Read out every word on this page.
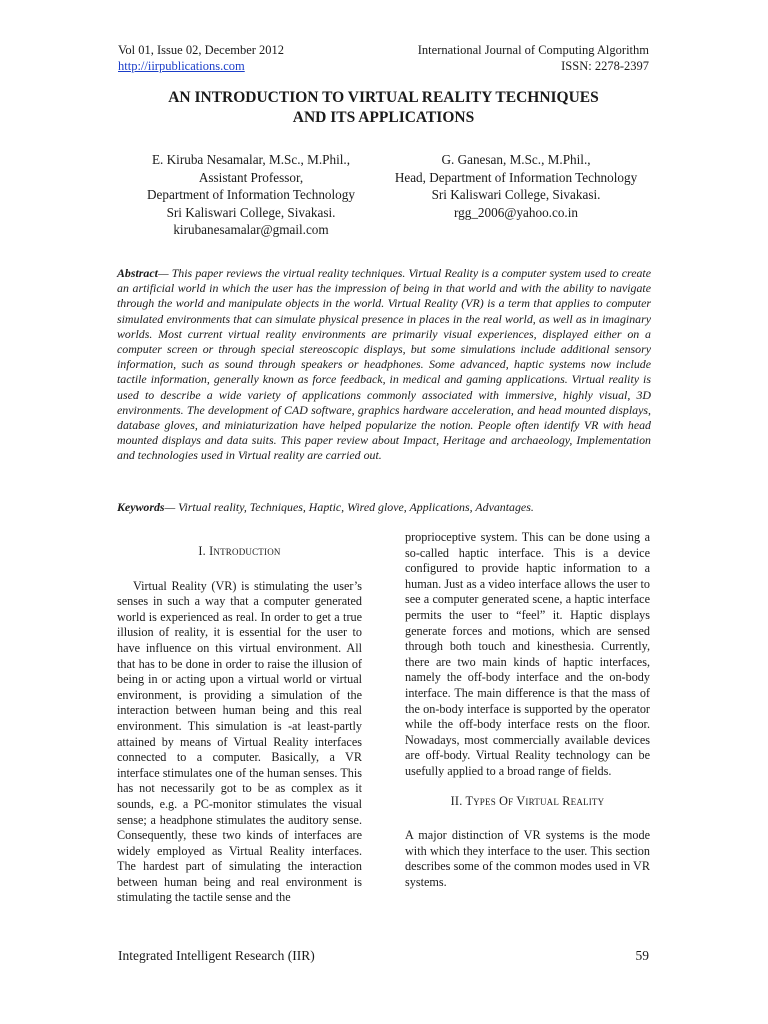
Vol 01, Issue 02, December 2012
http://iirpublications.com
International Journal of Computing Algorithm
ISSN: 2278-2397
AN INTRODUCTION TO VIRTUAL REALITY TECHNIQUES
AND ITS APPLICATIONS
E. Kiruba Nesamalar, M.Sc., M.Phil.,
Assistant Professor,
Department of Information Technology
Sri Kaliswari College, Sivakasi.
kirubanesamalar@gmail.com
G. Ganesan, M.Sc., M.Phil.,
Head, Department of Information Technology
Sri Kaliswari College, Sivakasi.
rgg_2006@yahoo.co.in
Abstract— This paper reviews the virtual reality techniques. Virtual Reality is a computer system used to create an artificial world in which the user has the impression of being in that world and with the ability to navigate through the world and manipulate objects in the world. Virtual Reality (VR) is a term that applies to computer simulated environments that can simulate physical presence in places in the real world, as well as in imaginary worlds. Most current virtual reality environments are primarily visual experiences, displayed either on a computer screen or through special stereoscopic displays, but some simulations include additional sensory information, such as sound through speakers or headphones. Some advanced, haptic systems now include tactile information, generally known as force feedback, in medical and gaming applications. Virtual reality is used to describe a wide variety of applications commonly associated with immersive, highly visual, 3D environments. The development of CAD software, graphics hardware acceleration, and head mounted displays, database gloves, and miniaturization have helped popularize the notion. People often identify VR with head mounted displays and data suits. This paper review about Impact, Heritage and archaeology, Implementation and technologies used in Virtual reality are carried out.
Keywords— Virtual reality, Techniques, Haptic, Wired glove, Applications, Advantages.
I. Introduction

Virtual Reality (VR) is stimulating the user’s senses in such a way that a computer generated world is experienced as real. In order to get a true illusion of reality, it is essential for the user to have influence on this virtual environment. All that has to be done in order to raise the illusion of being in or acting upon a virtual world or virtual environment, is providing a simulation of the interaction between human being and this real environment. This simulation is -at least-partly attained by means of Virtual Reality interfaces connected to a computer. Basically, a VR interface stimulates one of the human senses. This has not necessarily got to be as complex as it sounds, e.g. a PC-monitor stimulates the visual sense; a headphone stimulates the auditory sense. Consequently, these two kinds of interfaces are widely employed as Virtual Reality interfaces. The hardest part of simulating the interaction between human being and real environment is stimulating the tactile sense and the

proprioceptive system. This can be done using a so-called haptic interface. This is a device configured to provide haptic information to a human. Just as a video interface allows the user to see a computer generated scene, a haptic interface permits the user to “feel” it. Haptic displays generate forces and motions, which are sensed through both touch and kinesthesia. Currently, there are two main kinds of haptic interfaces, namely the off-body interface and the on-body interface. The main difference is that the mass of the on-body interface is supported by the operator while the off-body interface rests on the floor. Nowadays, most commercially available devices are off-body. Virtual Reality technology can be usefully applied to a broad range of fields.

II. Types Of Virtual Reality

A major distinction of VR systems is the mode with which they interface to the user. This section describes some of the common modes used in VR systems.

Integrated Intelligent Research (IIR)	59
